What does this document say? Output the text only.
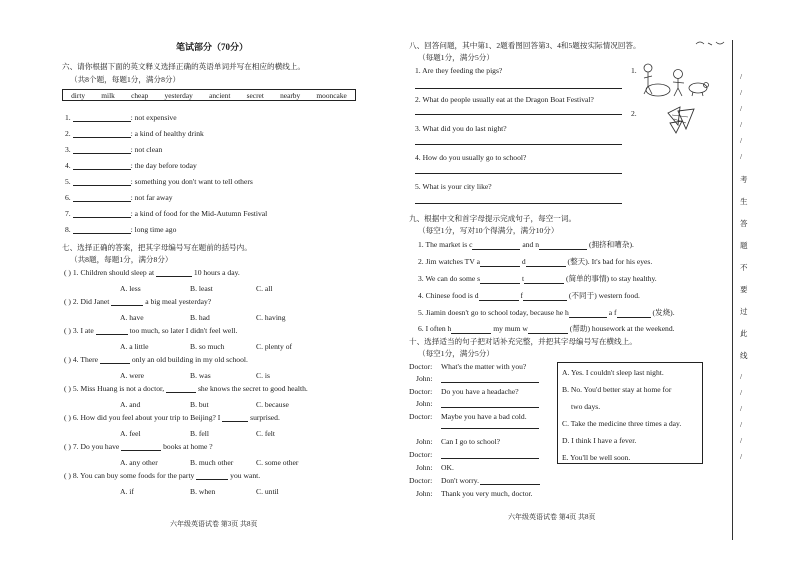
笔试部分（70分）
六、请你根据下面的英文释义选择正确的英语单词并写在相应的横线上。
（共8个题，每题1分，满分8分）
dirty milk cheap yesterday ancient secret nearby mooncake
1.	: not expensive
2.	: a kind of healthy drink
3.	: not clean
4.	: the day before today
5.	: something you don't want to tell others
6.	: not far away
7.	: a kind of food for the Mid-Autumn Festival
8.	: long time ago
七、选择正确的答案，把其字母编号写在题前的括号内。
（共8题，每题1分，满分8分）
( ) 1. Children should sleep at	10 hours a day.
A. less	B. least	C. all
( ) 2. Did Janet	a big meal yesterday?
A. have	B. had	C. having
( ) 3. I ate	too much, so later I didn't feel well.
A. a little	B. so much	C. plenty of
( ) 4. There	only an old building in my old school.
A. were	B. was	C. is
( ) 5. Miss Huang is not a doctor,	she knows the secret to good health.
A. and	B. but	C. because
( ) 6. How did you feel about your trip to Beijing? I	surprised.
A. feel	B. fell	C. felt
( ) 7. Do you have	books at home ?
A. any other	B. much other	C. some other
( ) 8. You can buy some foods for the party	you want.
A. if	B. when	C. until
六年级英语试卷 第3页 共8页
八、回答问题，其中第1、2题看图回答第3、4和5题按实际情况回答。
（每题1分，满分5分）
1. Are they feeding the pigs?
2. What do people usually eat at the Dragon Boat Festival?
3. What did you do last night?
4. How do you usually go to school?
5. What is your city like?
1.
2.
九、根据中文和首字母提示完成句子，每空一词。
（每空1分，写对10个得满分，满分10分）
1. The market is c	and n	(拥挤和嘈杂).
2. Jim watches TV a	d	(整天). It's bad for his eyes.
3. We can do some s	t	(简单的事情) to stay healthy.
4. Chinese food is d	f	(不同于) western food.
5. Jiamin doesn't go to school today, because he h	a f	(发烧).
6. I often h	my mum w	(帮助) housework at the weekend.
十、选择适当的句子把对话补充完整，并把其字母编号写在横线上。
（每空1分，满分5分）
Doctor: What's the matter with you?
John:
Doctor: Do you have a headache?
John:
Doctor: Maybe you have a bad cold.
John: Can I go to school?
Doctor:
John: OK.
Doctor: Don't worry.
John: Thank you very much, doctor.
A. Yes. I couldn't sleep last night.
B. No. You'd better stay at home for
two days.
C. Take the medicine three times a day.
D. I think I have a fever.
E. You'll be well soon.
六年级英语试卷 第4页 共8页
/
/
/
/
/
/
考
生
答
题
不
要
过
此
线
/
/
/
/
/
/
